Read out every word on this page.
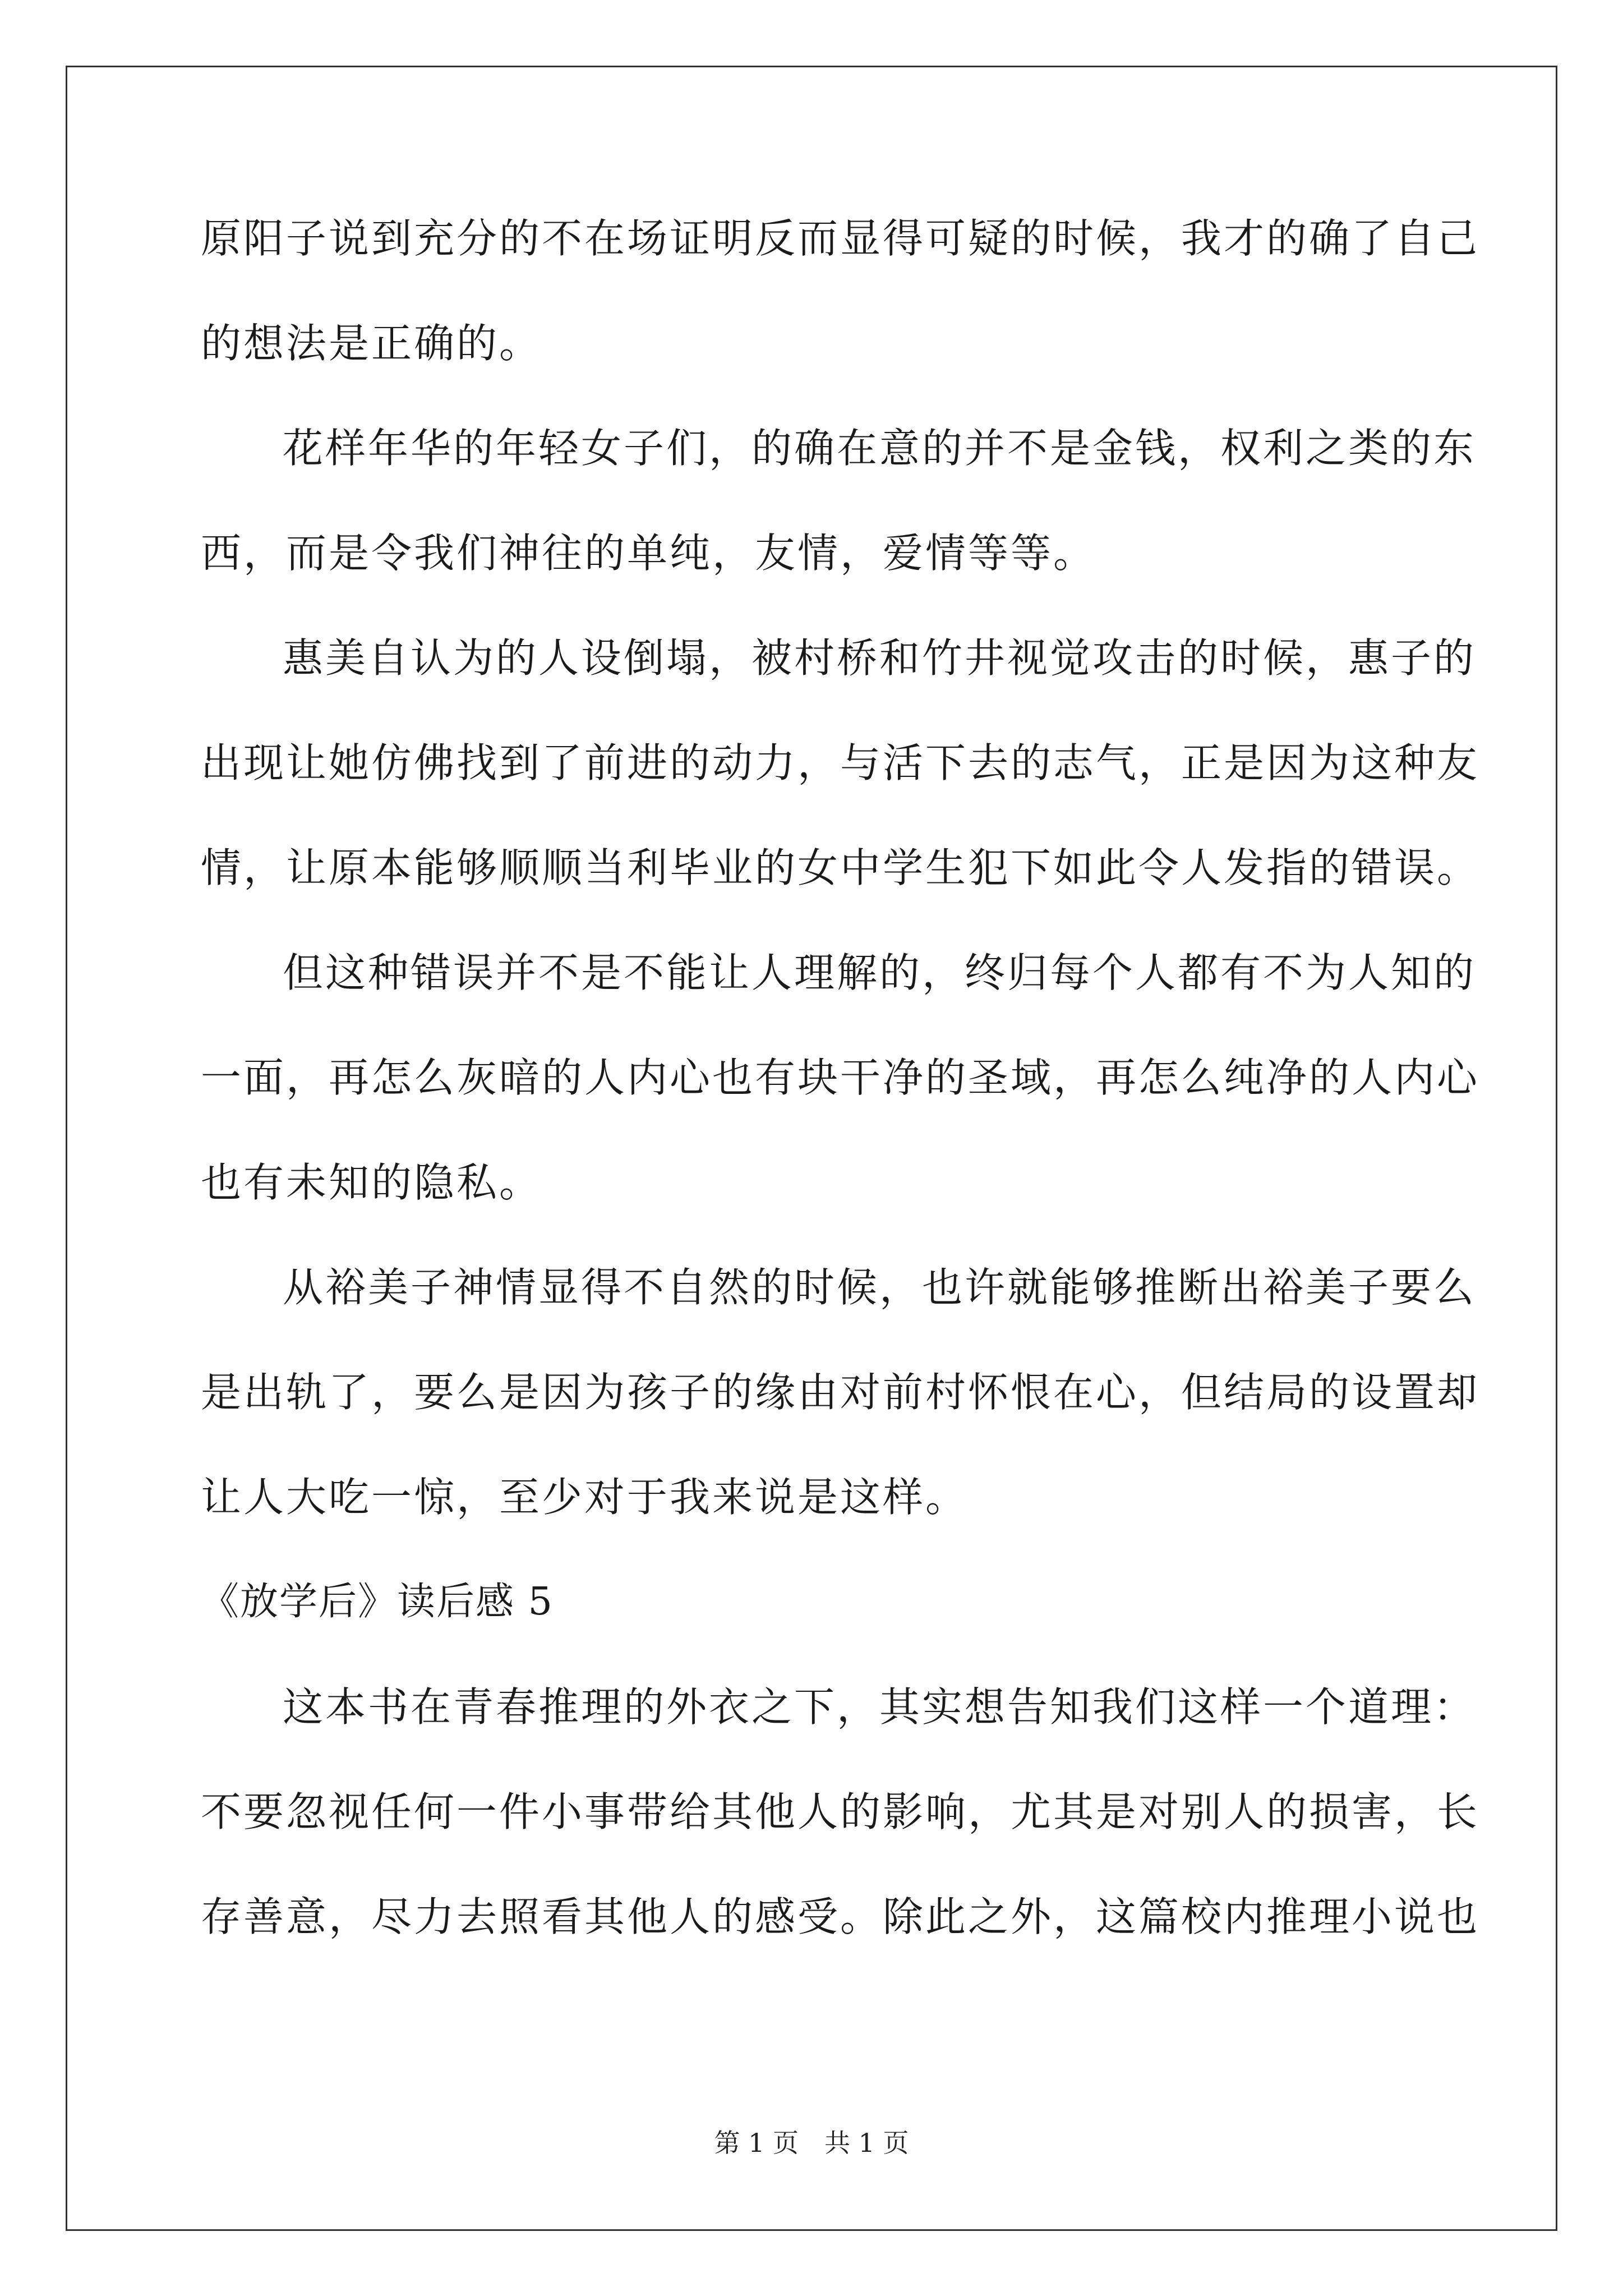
原阳子说到充分的不在场证明反而显得可疑的时候，我才的确了自己
的想法是正确的。
花样年华的年轻女子们，的确在意的并不是金钱，权利之类的东
西，而是令我们神往的单纯，友情，爱情等等。
惠美自认为的人设倒塌，被村桥和竹井视觉攻击的时候，惠子的
出现让她仿佛找到了前进的动力，与活下去的志气，正是因为这种友
情，让原本能够顺顺当利毕业的女中学生犯下如此令人发指的错误。
但这种错误并不是不能让人理解的，终归每个人都有不为人知的
一面，再怎么灰暗的人内心也有块干净的圣域，再怎么纯净的人内心
也有未知的隐私。
从裕美子神情显得不自然的时候，也许就能够推断出裕美子要么
是出轨了，要么是因为孩子的缘由对前村怀恨在心，但结局的设置却
让人大吃一惊，至少对于我来说是这样。
《放学后》读后感 5
这本书在青春推理的外衣之下，其实想告知我们这样一个道理：
不要忽视任何一件小事带给其他人的影响，尤其是对别人的损害，长
存善意，尽力去照看其他人的感受。除此之外，这篇校内推理小说也
第 1 页　共 1 页
